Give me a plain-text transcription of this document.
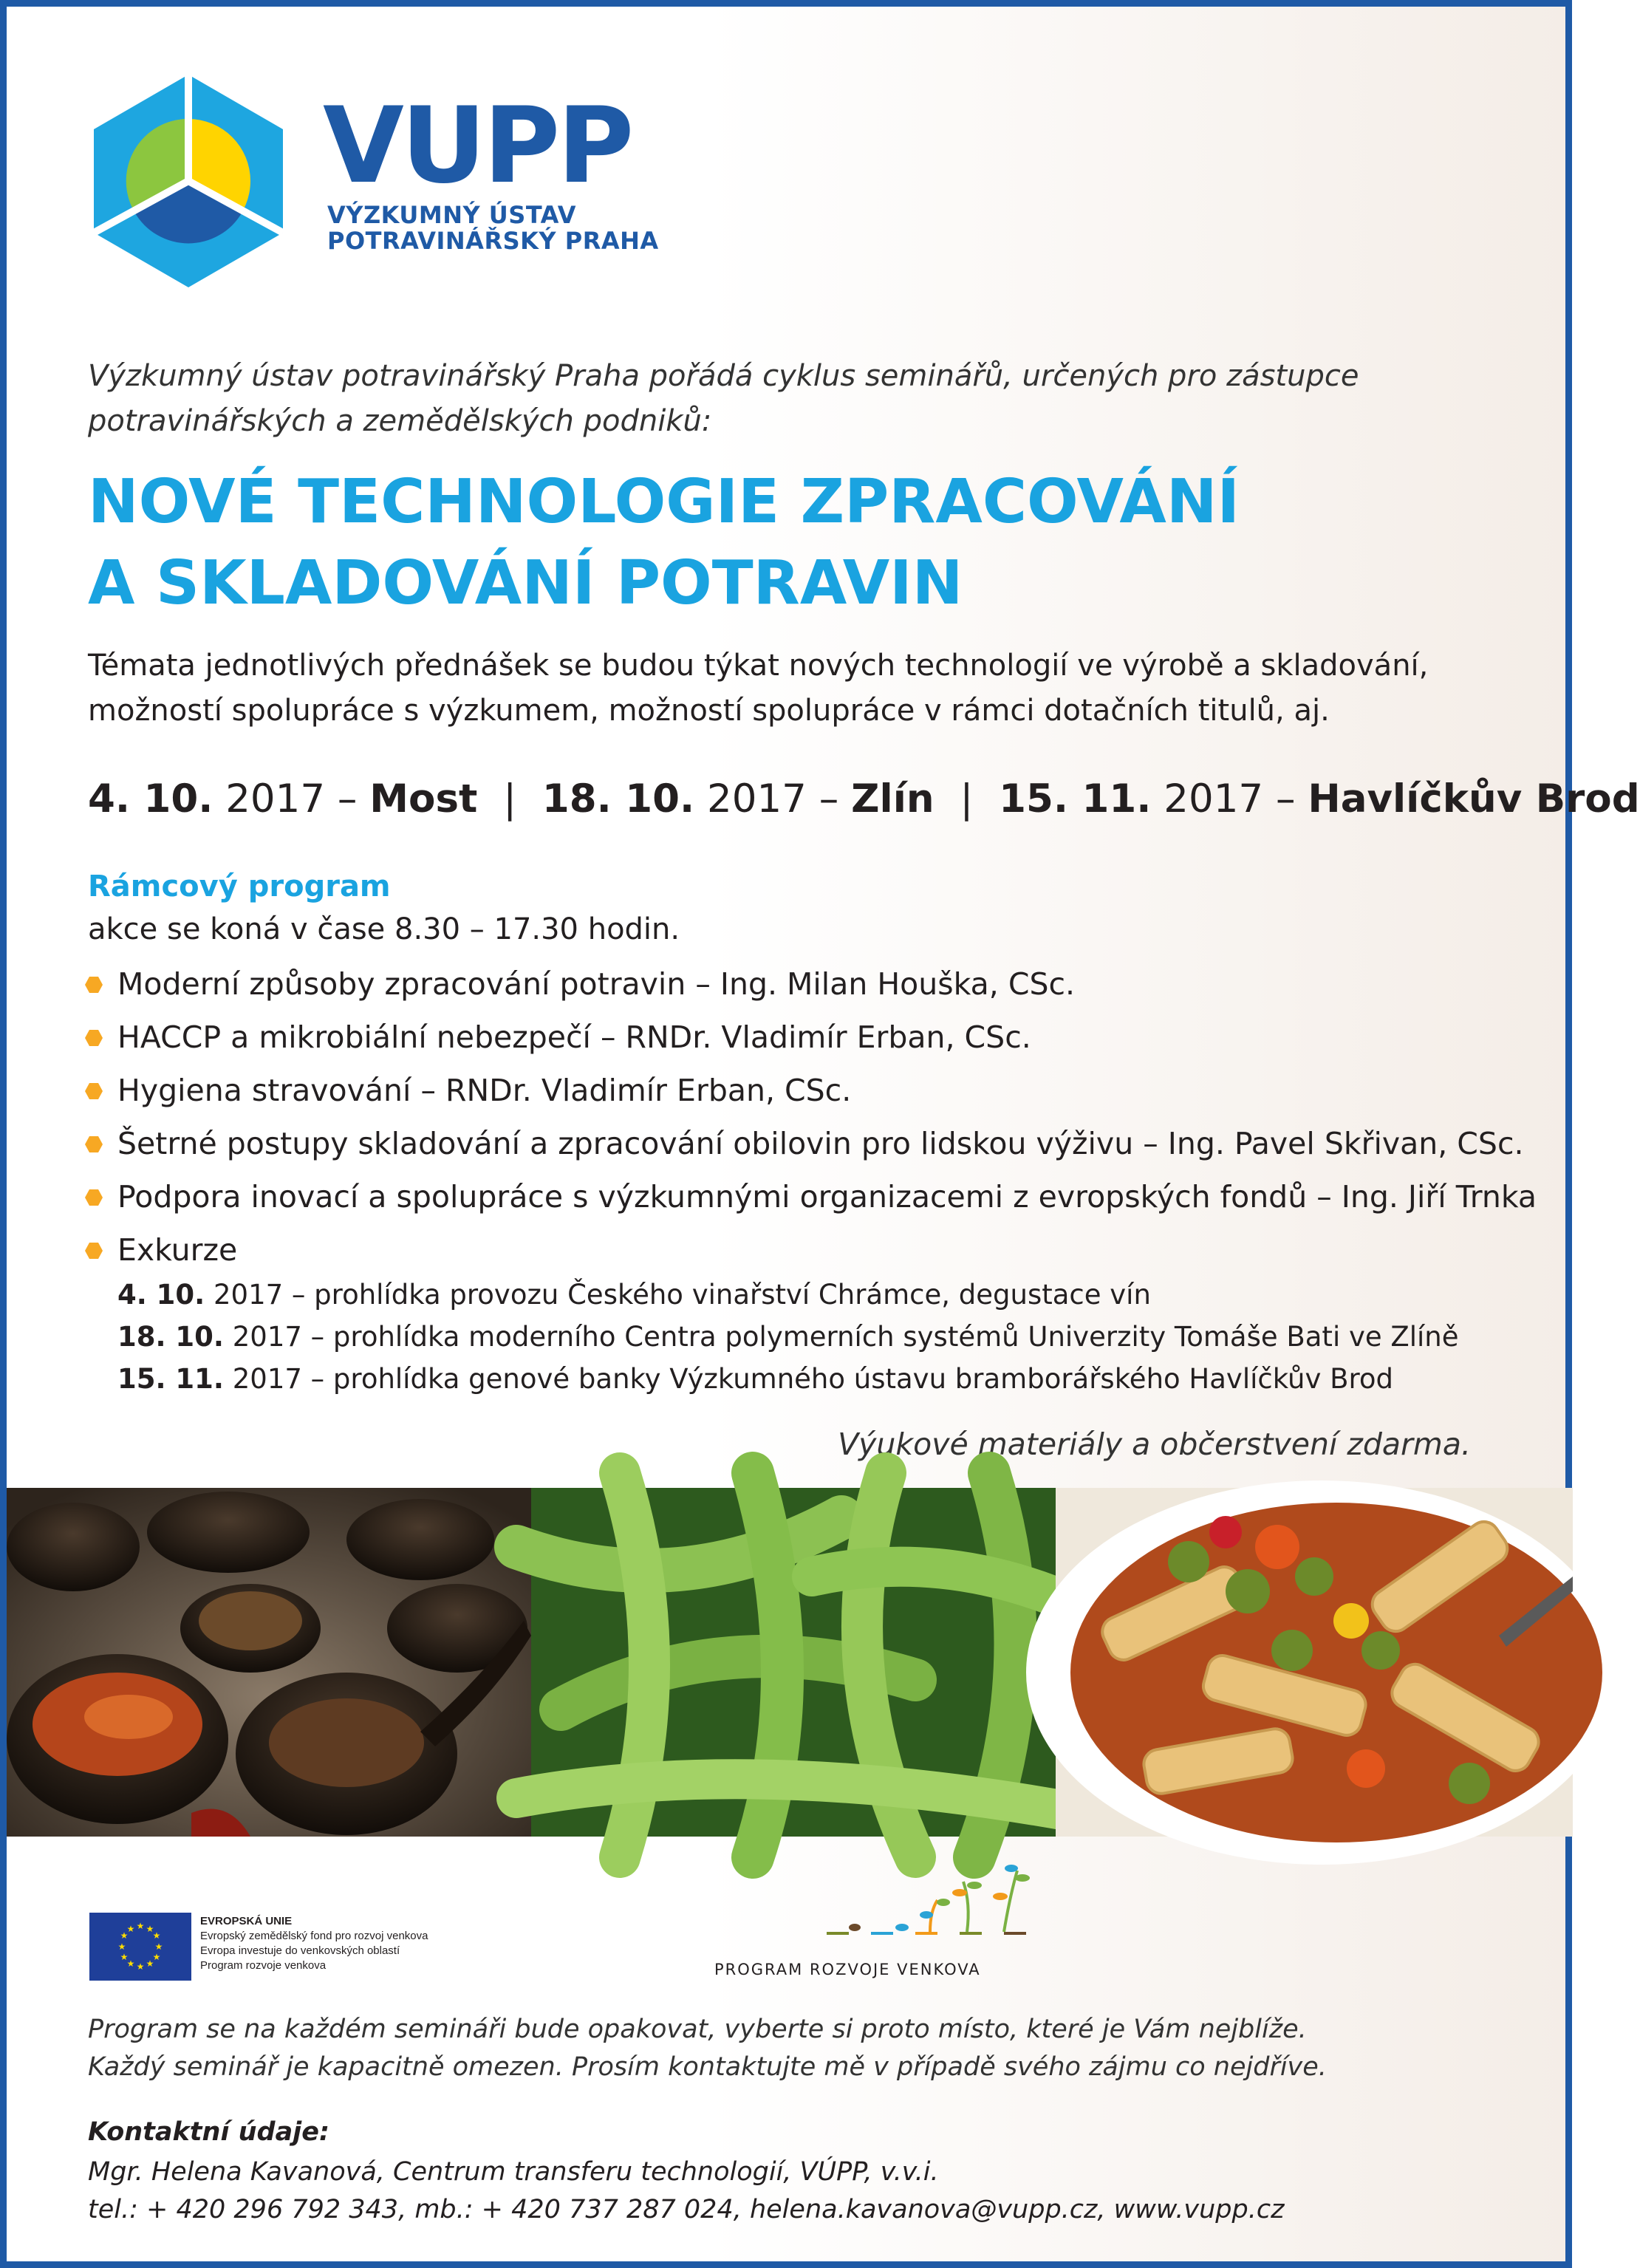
VUPP
VÝZKUMNÝ ÚSTAV
POTRAVINÁŘSKÝ PRAHA
Výzkumný ústav potravinářský Praha pořádá cyklus seminářů, určených pro zástupce
potravinářských a zemědělských podniků:
NOVÉ TECHNOLOGIE ZPRACOVÁNÍ
A SKLADOVÁNÍ POTRAVIN
Témata jednotlivých přednášek se budou týkat nových technologií ve výrobě a skladování,
možností spolupráce s výzkumem, možností spolupráce v rámci dotačních titulů, aj.
4. 10. 2017 – Most | 18. 10. 2017 – Zlín | 15. 11. 2017 – Havlíčkův Brod
Rámcový program
akce se koná v čase 8.30 – 17.30 hodin.
Moderní způsoby zpracování potravin – Ing. Milan Houška, CSc.
HACCP a mikrobiální nebezpečí – RNDr. Vladimír Erban, CSc.
Hygiena stravování – RNDr. Vladimír Erban, CSc.
Šetrné postupy skladování a zpracování obilovin pro lidskou výživu – Ing. Pavel Skřivan, CSc.
Podpora inovací a spolupráce s výzkumnými organizacemi z evropských fondů – Ing. Jiří Trnka
Exkurze
4. 10. 2017 – prohlídka provozu Českého vinařství Chrámce, degustace vín
18. 10. 2017 – prohlídka moderního Centra polymerních systémů Univerzity Tomáše Bati ve Zlíně
15. 11. 2017 – prohlídka genové banky Výzkumného ústavu bramborářského Havlíčkův Brod
Výukové materiály a občerstvení zdarma.
★ ★
★
★
★
★
★
★
★
★
★
★
EVROPSKÁ UNIE
Evropský zemědělský fond pro rozvoj venkova
Evropa investuje do venkovských oblastí
Program rozvoje venkova	PROGRAM ROZVOJE VENKOVA
Program se na každém semináři bude opakovat, vyberte si proto místo, které je Vám nejblíže.
Každý seminář je kapacitně omezen. Prosím kontaktujte mě v případě svého zájmu co nejdříve.
Kontaktní údaje:
Mgr. Helena Kavanová, Centrum transferu technologií, VÚPP, v.v.i.
tel.: + 420 296 792 343, mb.: + 420 737 287 024, helena.kavanova@vupp.cz, www.vupp.cz
